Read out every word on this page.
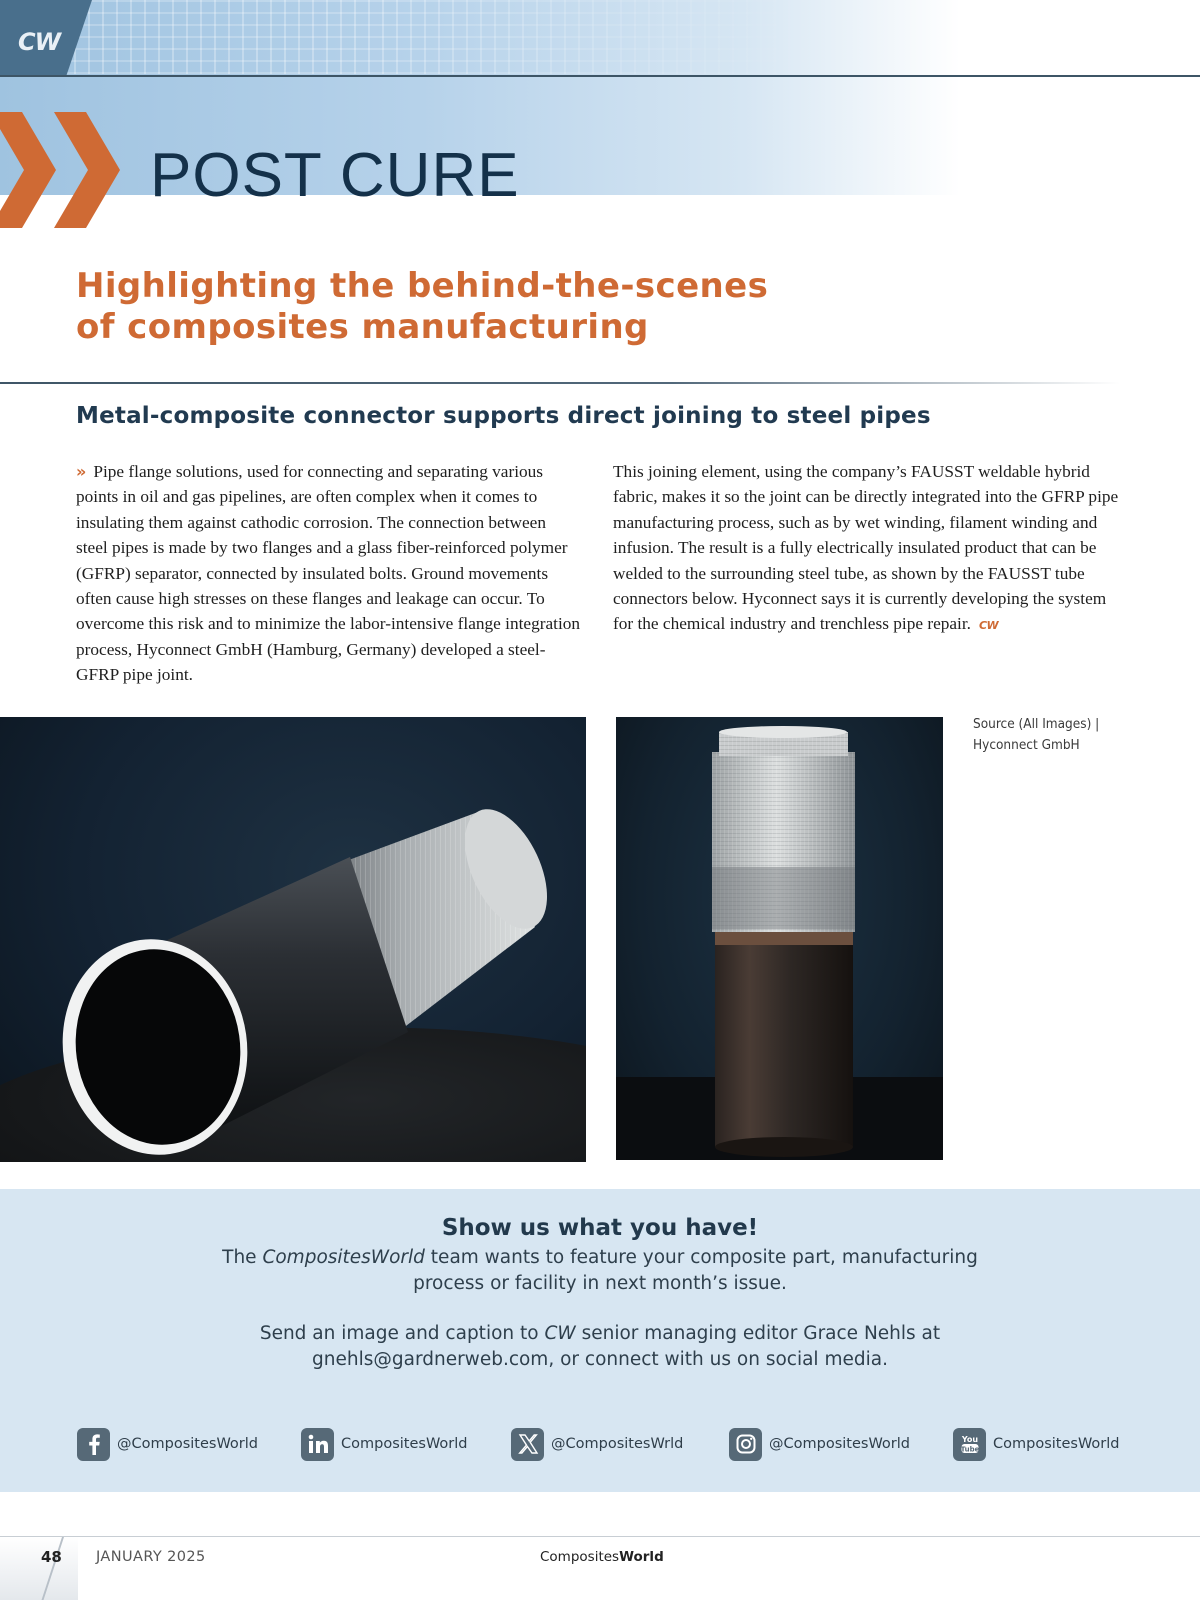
CW
POST CURE
Highlighting the behind-the-scenes
of composites manufacturing
Metal-composite connector supports direct joining to steel pipes
» Pipe flange solutions, used for connecting and separating various points in oil and gas pipelines, are often complex when it comes to insulating them against cathodic corrosion. The connection between steel pipes is made by two flanges and a glass fiber-reinforced polymer (GFRP) separator, connected by insulated bolts. Ground movements often cause high stresses on these flanges and leakage can occur. To overcome this risk and to minimize the labor-intensive flange integration process, Hyconnect GmbH (Hamburg, Germany) developed a steel-GFRP pipe joint.
This joining element, using the company’s FAUSST weldable hybrid fabric, makes it so the joint can be directly integrated into the GFRP pipe manufacturing process, such as by wet winding, filament winding and infusion. The result is a fully electrically insulated product that can be welded to the surrounding steel tube, as shown by the FAUSST tube connectors below. Hyconnect says it is currently developing the system for the chemical industry and trenchless pipe repair. CW
Source (All Images) |
Hyconnect GmbH
Show us what you have!
The CompositesWorld team wants to feature your composite part, manufacturing process or facility in next month’s issue.
Send an image and caption to CW senior managing editor Grace Nehls at gnehls@gardnerweb.com, or connect with us on social media.
@CompositesWorld	CompositesWorld	@CompositesWrld	@CompositesWorld	You
Tube CompositesWorld
48 JANUARY 2025	CompositesWorld
